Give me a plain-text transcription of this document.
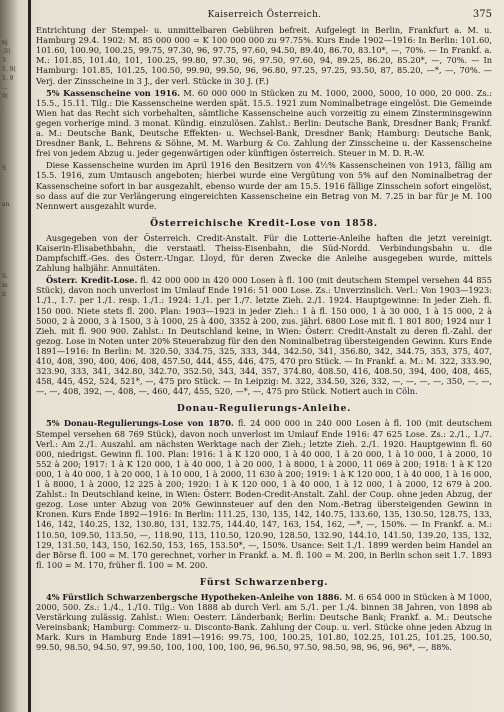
nj
,S)
3
1. 9(
1. 9
...
9(
,

S

an

S.
m
it
Kaiserreich Österreich.	375

Entrichtung der Stempel- u. unmittelbaren Gebühren befreit. Aufgelegt in Berlin, Frankfurt a. M. u. Hamburg 29.4. 1902: M. 85 000 000 = K 100 000 000 zu 97.75%. Kurs Ende 1902—1916: In Berlin: 101.60, 101.60, 100.90, 100.25, 99.75, 97.30, 96, 97.75, 97.60, 94.50, 89.40, 86.70, 83.10*, —, 70%. — In Frankf. a. M.: 101.85, 101.40, 101, 100.25, 99.80, 97.30, 96, 97.50, 97.60, 94, 89.25, 86.20, 85.20*, —, 70%. — In Hamburg: 101.85, 101.25, 100.50, 99.90, 99.50, 96, 96.80, 97.25, 97.25, 93.50, 87, 85.20, —*, —, 70%. — Verj. der Zinsscheine in 3 J., der verl. Stücke in 30 J. (F.)

5% Kassenscheine von 1916. M. 60 000 000 in Stücken zu M. 1000, 2000, 5000, 10 000, 20 000. Zs.: 15.5., 15.11. Tilg.: Die Kassenscheine werden spät. 15.5. 1921 zum Nominalbetrage eingelöst. Die Gemeinde Wien hat das Recht sich vorbehalten, sämtliche Kassenscheine auch vorzeitig zu einem Zinsterminsgewinn gegen vorherige mind. 3 monat. Kündig. einzulösen. Zahlst.: Berlin: Deutsche Bank, Dresdner Bank; Frankf. a. M.: Deutsche Bank, Deutsche Effekten- u. Wechsel-Bank, Dresdner Bank; Hamburg: Deutsche Bank, Dresdner Bank, L. Behrens & Söhne, M. M. Warburg & Co. Zahlung der Zinsscheine u. der Kassenscheine frei von jedem Abzug u. jeder gegenwärtigen oder künftigen österreich. Steuer in M. D. R.-W.

Diese Kassenscheine wurden im April 1916 den Besitzern von 4½% Kassenscheinen von 1913, fällig am 15.5. 1916, zum Umtausch angeboten; hierbei wurde eine Vergütung von 5% auf den Nominalbetrag der Kassenscheine sofort in bar ausgezahlt, ebenso wurde der am 15.5. 1916 fällige Zinsschein sofort eingelöst, so dass auf die zur Verlängerung eingereichten Kassenscheine ein Betrag von M. 7.25 in bar für je M. 100 Nennwert ausgezahlt wurde.

Österreichische Kredit-Lose von 1858.

Ausgegeben von der Österreich. Credit-Anstalt. Für die Lotterie-Anleihe haften die jetzt vereinigt. Kaiserin-Elisabethbahn, die verstaatl. Theiss-Eisenbahn, die Süd-Nordd. Verbindungsbahn u. die Dampfschiff.-Ges. des Österr.-Ungar. Lloyd, für deren Zwecke die Anleihe ausgegeben wurde, mittels Zahlung halbjähr. Annuitäten.

Österr. Kredit-Lose. fl. 42 000 000 in 420 000 Losen à fl. 100 (mit deutschem Stempel versehen 44 855 Stück), davon noch unverlost im Umlauf Ende 1916: 51 000 Lose. Zs.: Unverzinslich. Verl.: Von 1903—1923: 1./1., 1.7. per 1./1. resp. 1./1.: 1924: 1./1. per 1./7. letzte Zieh. 2./1. 1924. Hauptgewinne: In jeder Zieh. fl. 150 000. Niete stets fl. 200. Plan: 1903—1923 in jeder Zieh.: 1 à fl. 150 000, 1 à 30 000, 1 à 15 000, 2 à 5000, 2 à 2000, 3 à 1500, 3 à 1000, 25 à 400, 3352 à 200, zus. jährl. 6800 Lose mit fl. 1 801 800; 1924 nur 1 Zieh. mit fl. 900 900. Zahlst.: In Deutschland keine, in Wien: Österr. Credit-Anstalt zu deren fl.-Zahl. der gezog. Lose in Noten unter 20% Steuerabzug für den den Nominalbetrag übersteigenden Gewinn. Kurs Ende 1891—1916: In Berlin: M. 320.50, 334.75, 325, 333, 344, 342.50, 341, 356.80, 342, 344.75, 353, 375, 407, 410, 408, 390, 400, 406, 408, 457.50, 444, 455, 446, 475, 470 pro Stück. — In Frankf. a. M.: M. 322, 333.90, 323.90, 333, 341, 342.80, 342.70, 352.50, 343, 344, 357, 374.80, 408.50, 416, 408.50, 394, 400, 408, 465, 458, 445, 452, 524, 521*, —, 475 pro Stück. — In Leipzig: M. 322, 334.50, 326, 332, —, —, —, —, 350, —, —, —, —, 408, 392, —, 408, —, 460, 447, 455, 520, —*, —, 475 pro Stück. Notiert auch in Cöln.

Donau-Regulierungs-Anleihe.

5% Donau-Regulierungs-Lose von 1870. fl. 24 000 000 in 240 000 Losen à fl. 100 (mit deutschem Stempel versehen 68 769 Stück), davon noch unverlost im Umlauf Ende 1916: 47 625 Lose. Zs.: 2./1., 1./7. Verl.: Am 2./1. Auszahl. am nächsten Werktage nach der Zieh.; letzte Zieh. 2./1. 1920. Hauptgewinn fl. 60 000, niedrigst. Gewinn fl. 100. Plan: 1916: 1 à K 120 000, 1 à 40 000, 1 à 20 000, 1 à 10 000, 1 à 2000, 10 552 à 200; 1917: 1 à K 120 000, 1 à 40 000, 1 à 20 000, 1 à 8000, 1 à 2000, 11 069 à 200; 1918: 1 à K 120 000, 1 à 40 000, 1 à 20 000, 1 à 10 000, 1 à 2000, 11 630 à 200; 1919: 1 à K 120 000, 1 à 40 000, 1 à 16 000, 1 à 8000, 1 à 2000, 12 225 à 200; 1920: 1 à K 120 000, 1 à 40 000, 1 à 12 000, 1 à 2000, 12 679 à 200. Zahlst.: In Deutschland keine, in Wien: Österr. Boden-Credit-Anstalt. Zahl. der Coup. ohne jeden Abzug, der gezog. Lose unter Abzug von 20% Gewinnsteuer auf den den Nom.-Betrag übersteigenden Gewinn in Kronen. Kurs Ende 1892—1916: In Berlin: 111.25, 130, 135, 142, 140.75, 133.60, 135, 130.50, 128.75, 133, 146, 142, 140.25, 132, 130.80, 131, 132.75, 144.40, 147, 163, 154, 162, —*, —, 150%. — In Frankf. a. M.: 110.50, 109.50, 113.50, —, 118.90, 113, 110.50, 120.90, 128.50, 132.90, 144.10, 141.50, 139.20, 135, 132, 129, 131.50, 143, 150, 162.50, 153, 165, 153.50*, —, 150%. Usance: Seit 1./1. 1899 werden beim Handel an der Börse fl. 100 = M. 170 gerechnet, vorher in Frankf. a. M. fl. 100 = M. 200, in Berlin schon seit 1.7. 1893 fl. 100 = M. 170, früher fl. 100 = M. 200.

Fürst Schwarzenberg.

4% Fürstlich Schwarzenbergsche Hypotheken-Anleihe von 1886. M. 6 654 000 in Stücken à M 1000, 2000, 500. Zs.: 1./4., 1./10. Tilg.: Von 1888 ab durch Verl. am 5./1. per 1./4. binnen 38 Jahren, von 1898 ab Verstärkung zulässig. Zahlst.: Wien: Oesterr. Länderbank; Berlin: Deutsche Bank; Frankf. a. M.: Deutsche Vereinsbank; Hamburg: Commerz- u. Disconto-Bank. Zahlung der Coup. u. verl. Stücke ohne jeden Abzug in Mark. Kurs in Hamburg Ende 1891—1916: 99.75, 100, 100.25, 101.80, 102.25, 101.25, 101.25, 100.50, 99.50, 98.50, 94.50, 97, 99.50, 100, 100, 100, 100, 96, 96.50, 97.50, 98.50, 98, 96, 96, 96*, —, 88%.
